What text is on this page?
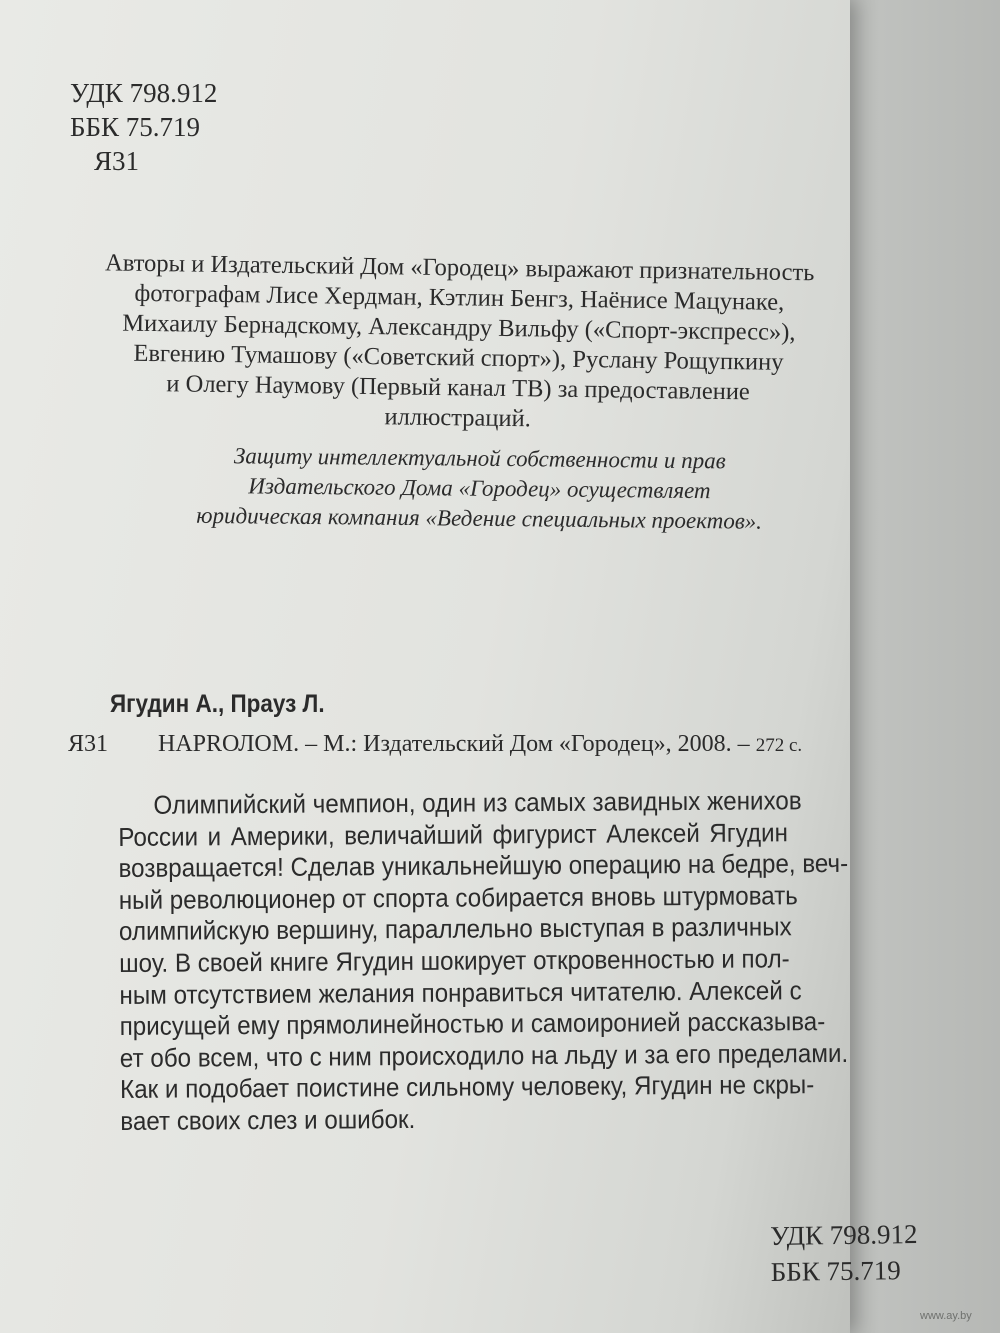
УДК 798.912
ББК 75.719
Я31
Авторы и Издательский Дом «Городец» выражают признательность
фотографам Лисе Хердман, Кэтлин Бенгз, Наёнисе Мацунаке,
Михаилу Бернадскому, Александру Вильфу («Спорт-экспресс»),
Евгению Тумашову («Советский спорт»), Руслану Рощупкину
и Олегу Наумову (Первый канал ТВ) за предоставление
иллюстраций.
Защиту интеллектуальной собственности и прав
Издательского Дома «Городец» осуществляет
юридическая компания «Ведение специальных проектов».
Ягудин А., Прауз Л.
Я31 НАРRОЛОМ. – М.: Издательский Дом «Городец», 2008. – 272 с.
Олимпийский чемпион, один из самых завидных женихов
России и Америки, величайший фигурист Алексей Ягудин
возвращается! Сделав уникальнейшую операцию на бедре, веч-
ный революционер от спорта собирается вновь штурмовать
олимпийскую вершину, параллельно выступая в различных
шоу. В своей книге Ягудин шокирует откровенностью и пол-
ным отсутствием желания понравиться читателю. Алексей с
присущей ему прямолинейностью и самоиронией рассказыва-
ет обо всем, что с ним происходило на льду и за его пределами.
Как и подобает поистине сильному человеку, Ягудин не скры-
вает своих слез и ошибок.
УДК 798.912
ББК 75.719
www.ay.by
